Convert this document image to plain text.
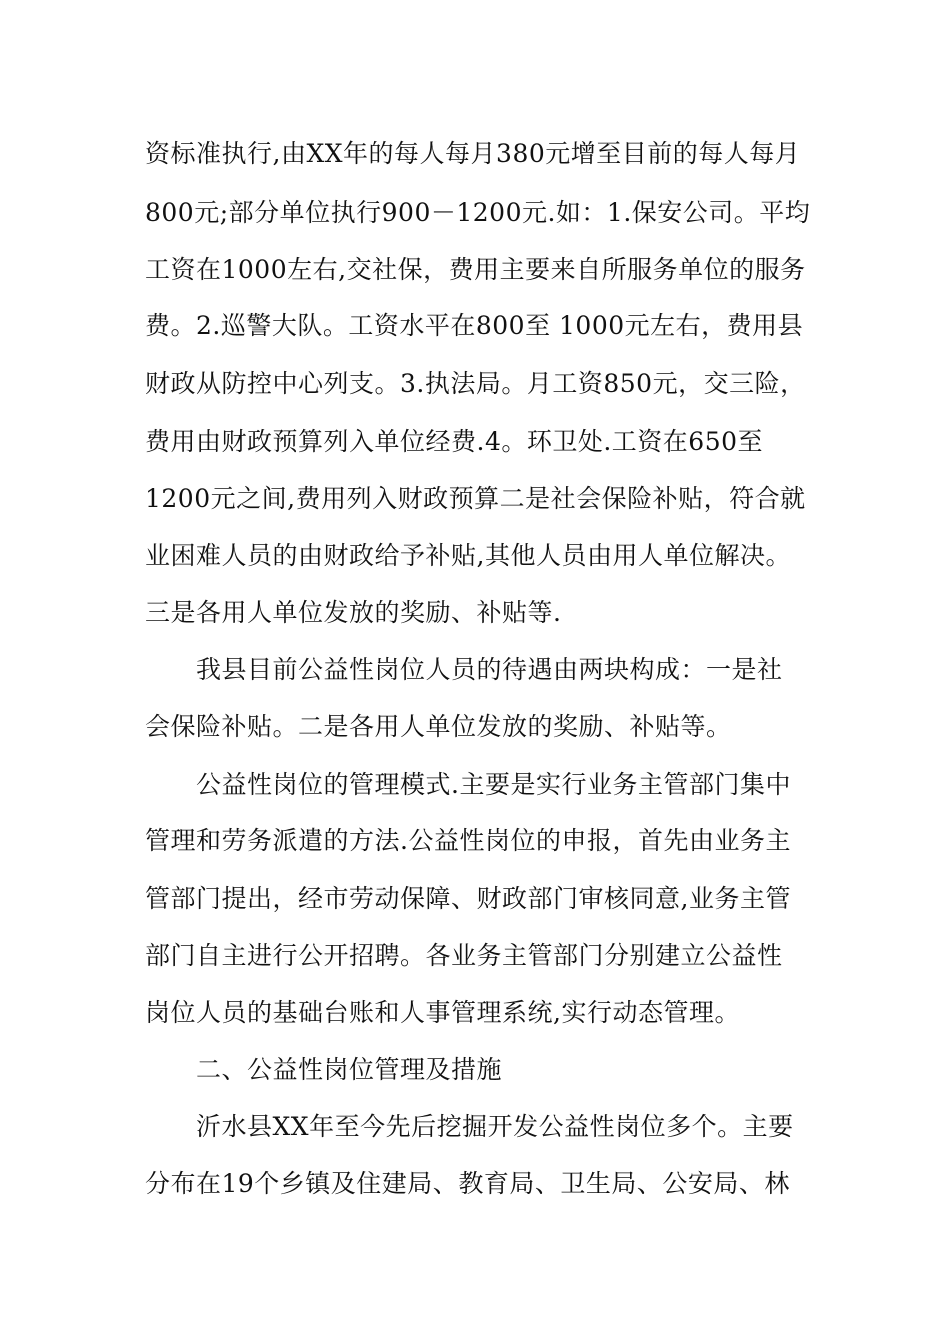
资标准执行,由XX年的每人每月380元增至目前的每人每月
800元;部分单位执行900－1200元.如：1.保安公司。平均
工资在1000左右,交社保，费用主要来自所服务单位的服务
费。2.巡警大队。工资水平在800至 1000元左右，费用县
财政从防控中心列支。3.执法局。月工资850元，交三险，
费用由财政预算列入单位经费.4。环卫处.工资在650至
1200元之间,费用列入财政预算二是社会保险补贴，符合就
业困难人员的由财政给予补贴,其他人员由用人单位解决。
三是各用人单位发放的奖励、补贴等.
我县目前公益性岗位人员的待遇由两块构成：一是社
会保险补贴。二是各用人单位发放的奖励、补贴等。
公益性岗位的管理模式.主要是实行业务主管部门集中
管理和劳务派遣的方法.公益性岗位的申报，首先由业务主
管部门提出，经市劳动保障、财政部门审核同意,业务主管
部门自主进行公开招聘。各业务主管部门分别建立公益性
岗位人员的基础台账和人事管理系统,实行动态管理。
二、公益性岗位管理及措施
沂水县XX年至今先后挖掘开发公益性岗位多个。主要
分布在19个乡镇及住建局、教育局、卫生局、公安局、林
